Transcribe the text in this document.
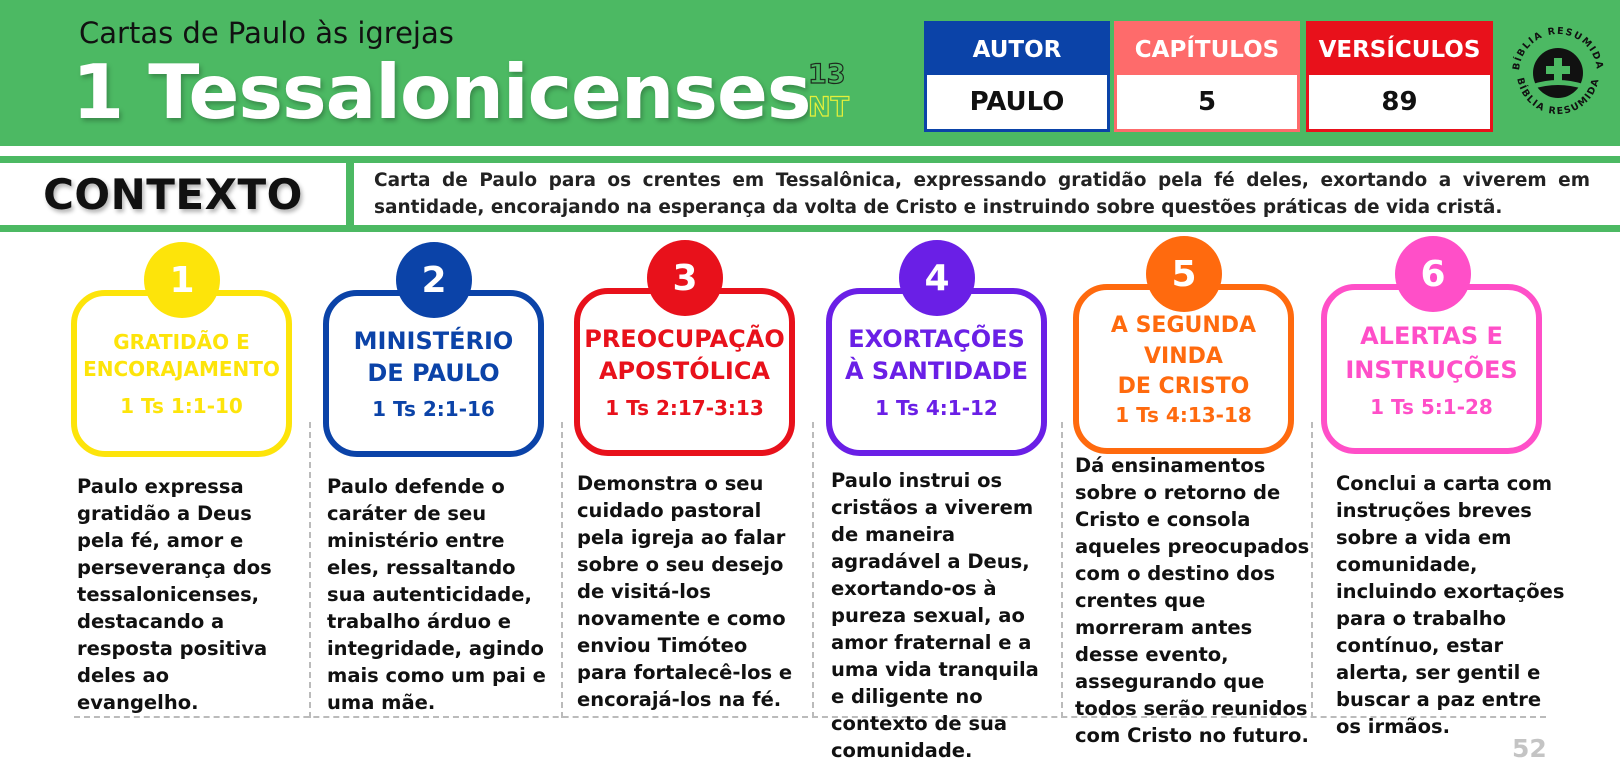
Cartas de Paulo às igrejas
1 Tessalonicenses
13
NT
AUTOR
PAULO
CAPÍTULOS
5
VERSÍCULOS
89
BÍBLIA RESUMIDA
BÍBLIA RESUMIDA
CONTEXTO	Carta de Paulo para os crentes em Tessalônica, expressando gratidão pela fé deles, exortando a viverem em santidade, encorajando na esperança da volta de Cristo e instruindo sobre questões práticas de vida cristã.
GRATIDÃO E
ENCORAJAMENTO
1 Ts 1:1-10
1
Paulo expressa gratidão a Deus pela fé, amor e perseverança dos tessalonicenses, destacando a resposta positiva deles ao evangelho.
MINISTÉRIO
DE PAULO
1 Ts 2:1-16
2
Paulo defende o caráter de seu ministério entre eles, ressaltando sua autenticidade, trabalho árduo e integridade, agindo mais como um pai e uma mãe.
PREOCUPAÇÃO
APOSTÓLICA
1 Ts 2:17-3:13
3
Demonstra o seu cuidado pastoral pela igreja ao falar sobre o seu desejo de visitá-los novamente e como enviou Timóteo para fortalecê-los e encorajá-los na fé.
EXORTAÇÕES
À SANTIDADE
1 Ts 4:1-12
4
Paulo instrui os cristãos a viverem de maneira agradável a Deus, exortando-os à pureza sexual, ao amor fraternal e a uma vida tranquila e diligente no contexto de sua comunidade.
A SEGUNDA
VINDA
DE CRISTO
1 Ts 4:13-18
5
Dá ensinamentos sobre o retorno de Cristo e consola aqueles preocupados com o destino dos crentes que morreram antes desse evento, assegurando que todos serão reunidos com Cristo no futuro.
ALERTAS E
INSTRUÇÕES
1 Ts 5:1-28
6
Conclui a carta com instruções breves sobre a vida em comunidade, incluindo exortações para o trabalho contínuo, estar alerta, ser gentil e buscar a paz entre os irmãos.
52
